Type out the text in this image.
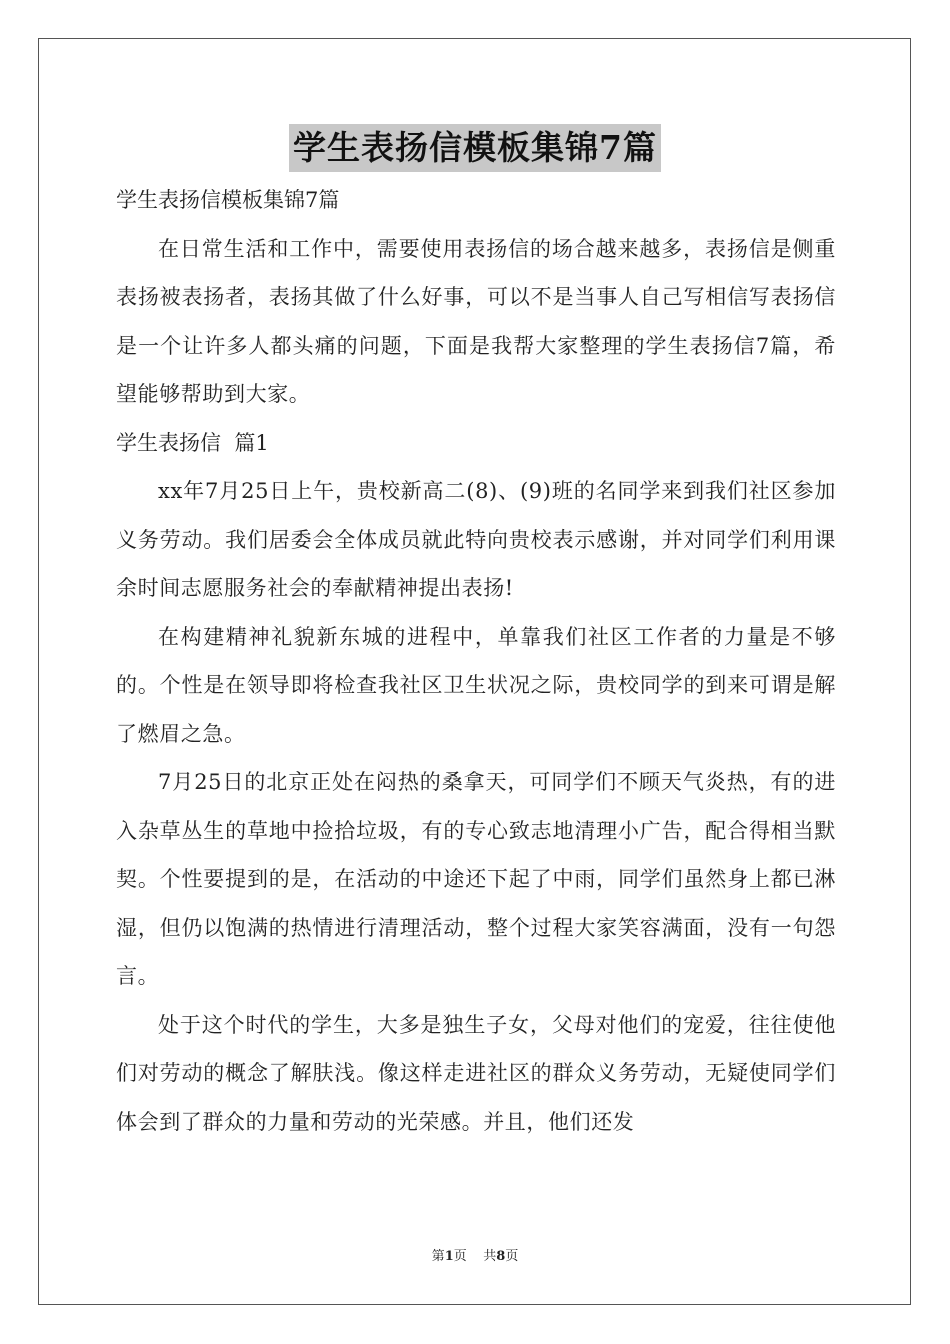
学生表扬信模板集锦7篇

学生表扬信模板集锦7篇

在日常生活和工作中，需要使用表扬信的场合越来越多，表扬信是侧重表扬被表扬者，表扬其做了什么好事，可以不是当事人自己写相信写表扬信是一个让许多人都头痛的问题，下面是我帮大家整理的学生表扬信7篇，希望能够帮助到大家。

学生表扬信  篇1

xx年7月25日上午，贵校新高二(8)、(9)班的名同学来到我们社区参加义务劳动。我们居委会全体成员就此特向贵校表示感谢，并对同学们利用课余时间志愿服务社会的奉献精神提出表扬!

在构建精神礼貌新东城的进程中，单靠我们社区工作者的力量是不够的。个性是在领导即将检查我社区卫生状况之际，贵校同学的到来可谓是解了燃眉之急。

7月25日的北京正处在闷热的桑拿天，可同学们不顾天气炎热，有的进入杂草丛生的草地中捡拾垃圾，有的专心致志地清理小广告，配合得相当默契。个性要提到的是，在活动的中途还下起了中雨，同学们虽然身上都已淋湿，但仍以饱满的热情进行清理活动，整个过程大家笑容满面，没有一句怨言。

处于这个时代的学生，大多是独生子女，父母对他们的宠爱，往往使他们对劳动的概念了解肤浅。像这样走进社区的群众义务劳动，无疑使同学们体会到了群众的力量和劳动的光荣感。并且，他们还发

第1页    共8页
